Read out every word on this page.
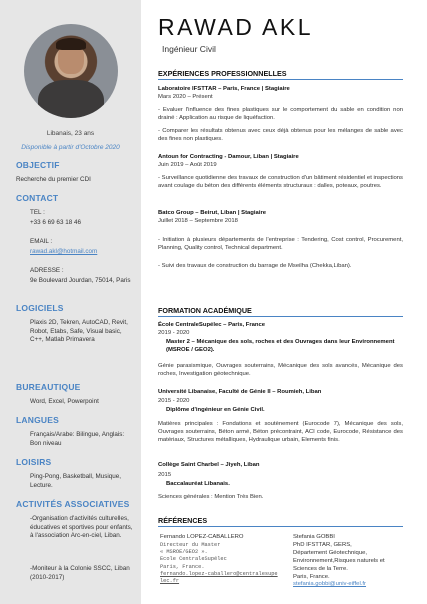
Libanais, 23 ans
Disponible à partir d'Octobre 2020
OBJECTIF
Recherche du premier CDI
CONTACT
TEL :
+33 6 69 63 18 46
EMAIL :
rawad.akl@hotmail.com
ADRESSE :
9e Boulevard Jourdan, 75014, Paris
LOGICIELS
Plaxis 2D, Tekren, AutoCAD, Revit, Robot, Etabs, Safe, Visual basic, C++, Matlab Primavera
BUREAUTIQUE
Word, Excel, Powerpoint
LANGUES
Français/Arabe: Bilingue, Anglais: Bon niveau
LOISIRS
Ping-Pong, Basketball, Musique, Lecture.
ACTIVITÉS ASSOCIATIVES
-Organisation d'activités culturelles, éducatives et sportives pour enfants, à l'association Arc-en-ciel, Liban.
-Moniteur à la Colonie SSCC, Liban (2010-2017)
RAWAD AKL
Ingénieur Civil
EXPÉRIENCES PROFESSIONNELLES
Laboratoire IFSTTAR – Paris, France | Stagiaire
Mars 2020 – Présent
- Evaluer l'influence des fines plastiques sur le comportement du sable en condition non drainé : Application au risque de liquéfaction.
- Comparer les résultats obtenus avec ceux déjà obtenus pour les mélanges de sable avec des fines non plastiques.
Antoun for Contracting - Damour, Liban | Stagiaire
Juin 2019 – Août 2019
- Surveillance quotidienne des travaux de construction d'un bâtiment résidentiel et inspections avant coulage du béton des différents éléments structuraux : dalles, poteaux, poutres.
Batco Group – Beirut, Liban | Stagiaire
Juillet 2018 – Septembre 2018
- Initiation à plusieurs départements de l'entreprise : Tendering, Cost control, Procurement, Planning, Quality control, Technical department.
- Suivi des travaux de construction du barrage de Mseilha (Chekka,Liban).
FORMATION ACADÉMIQUE
École CentraleSupélec – Paris, France
2019 - 2020
Master 2 – Mécanique des sols, roches et des Ouvrages dans leur Environnement (MSROE / GEO2).
Génie parasismique, Ouvrages souterrains, Mécanique des sols avancés, Mécanique des roches, Investigation géotechnique.
Université Libanaise, Faculté de Génie II – Roumieh, Liban
2015 - 2020
Diplôme d'ingénieur en Génie Civil.
Matières principales : Fondations et soutènement (Eurocode 7), Mécanique des sols, Ouvrages souterrains, Béton armé, Béton précontraint, ACI code, Eurocode, Résistance des matériaux, Structures métalliques, Hydraulique urbain, Elements finis.
Collège Saint Charbel – Jiyeh, Liban
2015
Baccalauréat Libanais.
Sciences générales : Mention Très Bien.
RÉFÉRENCES
Fernando LOPEZ-CABALLERO
Directeur du Master
« MSROE/GEO2 ».
Ecole CentraleSupélec
Paris, France.
fernando.lopez-caballero@centralesupelec.fr
Stefania GOBBI
PhD IFSTTAR, GERS,
Département Géotechnique, Environnement,Risques naturels et Sciences de la Terre.
Paris, France.
stefania.gobbi@univ-eiffel.fr
